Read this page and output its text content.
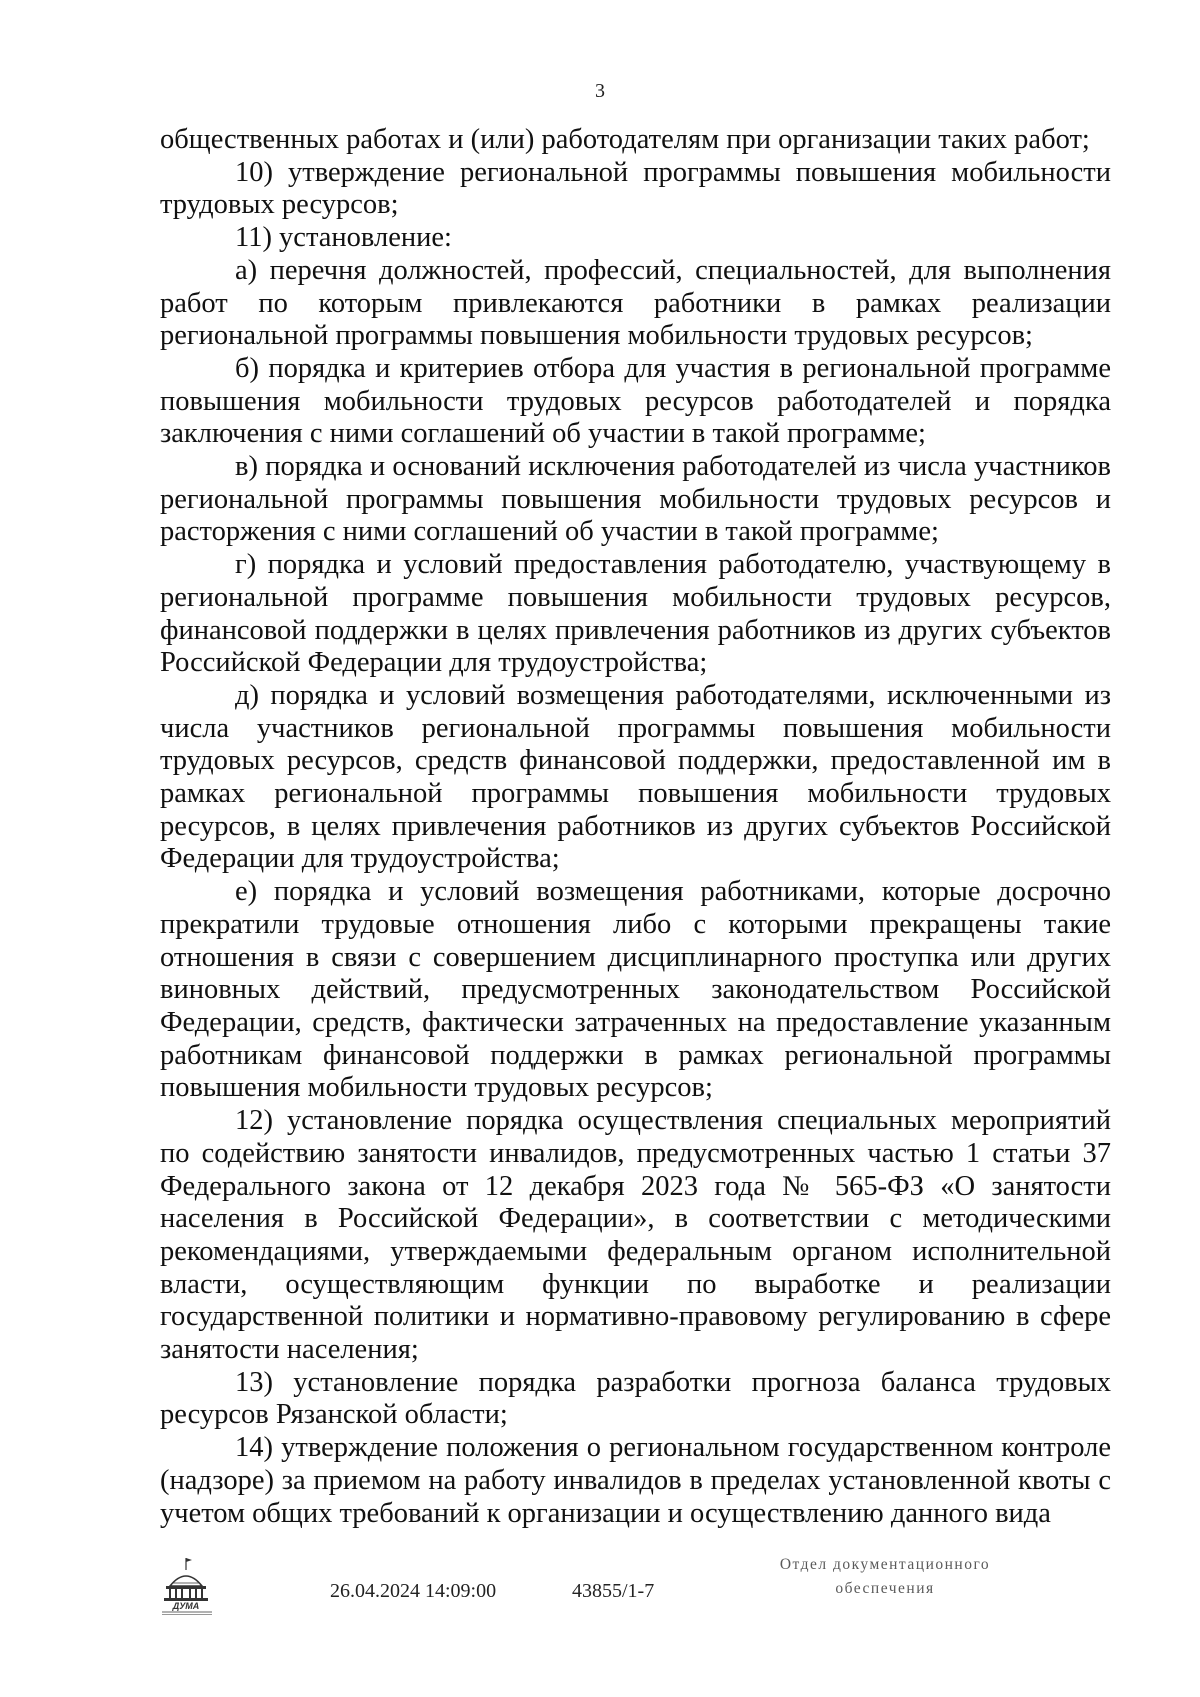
3

общественных работах и (или) работодателям при организации таких работ;

10) утверждение региональной программы повышения мобильности трудовых ресурсов;

11) установление:

а) перечня должностей, профессий, специальностей, для выполнения работ по которым привлекаются работники в рамках реализации региональной программы повышения мобильности трудовых ресурсов;

б) порядка и критериев отбора для участия в региональной программе повышения мобильности трудовых ресурсов работодателей и порядка заключения с ними соглашений об участии в такой программе;

в) порядка и оснований исключения работодателей из числа участников региональной программы повышения мобильности трудовых ресурсов и расторжения с ними соглашений об участии в такой программе;

г) порядка и условий предоставления работодателю, участвующему в региональной программе повышения мобильности трудовых ресурсов, финансовой поддержки в целях привлечения работников из других субъектов Российской Федерации для трудоустройства;

д) порядка и условий возмещения работодателями, исключенными из числа участников региональной программы повышения мобильности трудовых ресурсов, средств финансовой поддержки, предоставленной им в рамках региональной программы повышения мобильности трудовых ресурсов, в целях привлечения работников из других субъектов Российской Федерации для трудоустройства;

е) порядка и условий возмещения работниками, которые досрочно прекратили трудовые отношения либо с которыми прекращены такие отношения в связи с совершением дисциплинарного проступка или других виновных действий, предусмотренных законодательством Российской Федерации, средств, фактически затраченных на предоставление указанным работникам финансовой поддержки в рамках региональной программы повышения мобильности трудовых ресурсов;

12) установление порядка осуществления специальных мероприятий по содействию занятости инвалидов, предусмотренных частью 1 статьи 37 Федерального закона от 12 декабря 2023 года № 565-ФЗ «О занятости населения в Российской Федерации», в соответствии с методическими рекомендациями, утверждаемыми федеральным органом исполнительной власти, осуществляющим функции по выработке и реализации государственной политики и нормативно-правовому регулированию в сфере занятости населения;

13) установление порядка разработки прогноза баланса трудовых ресурсов Рязанской области;

14) утверждение положения о региональном государственном контроле (надзоре) за приемом на работу инвалидов в пределах установленной квоты с учетом общих требований к организации и осуществлению данного вида

ДУМА
26.04.2024 14:09:00	43855/1-7
Отдел документационного
обеспечения
